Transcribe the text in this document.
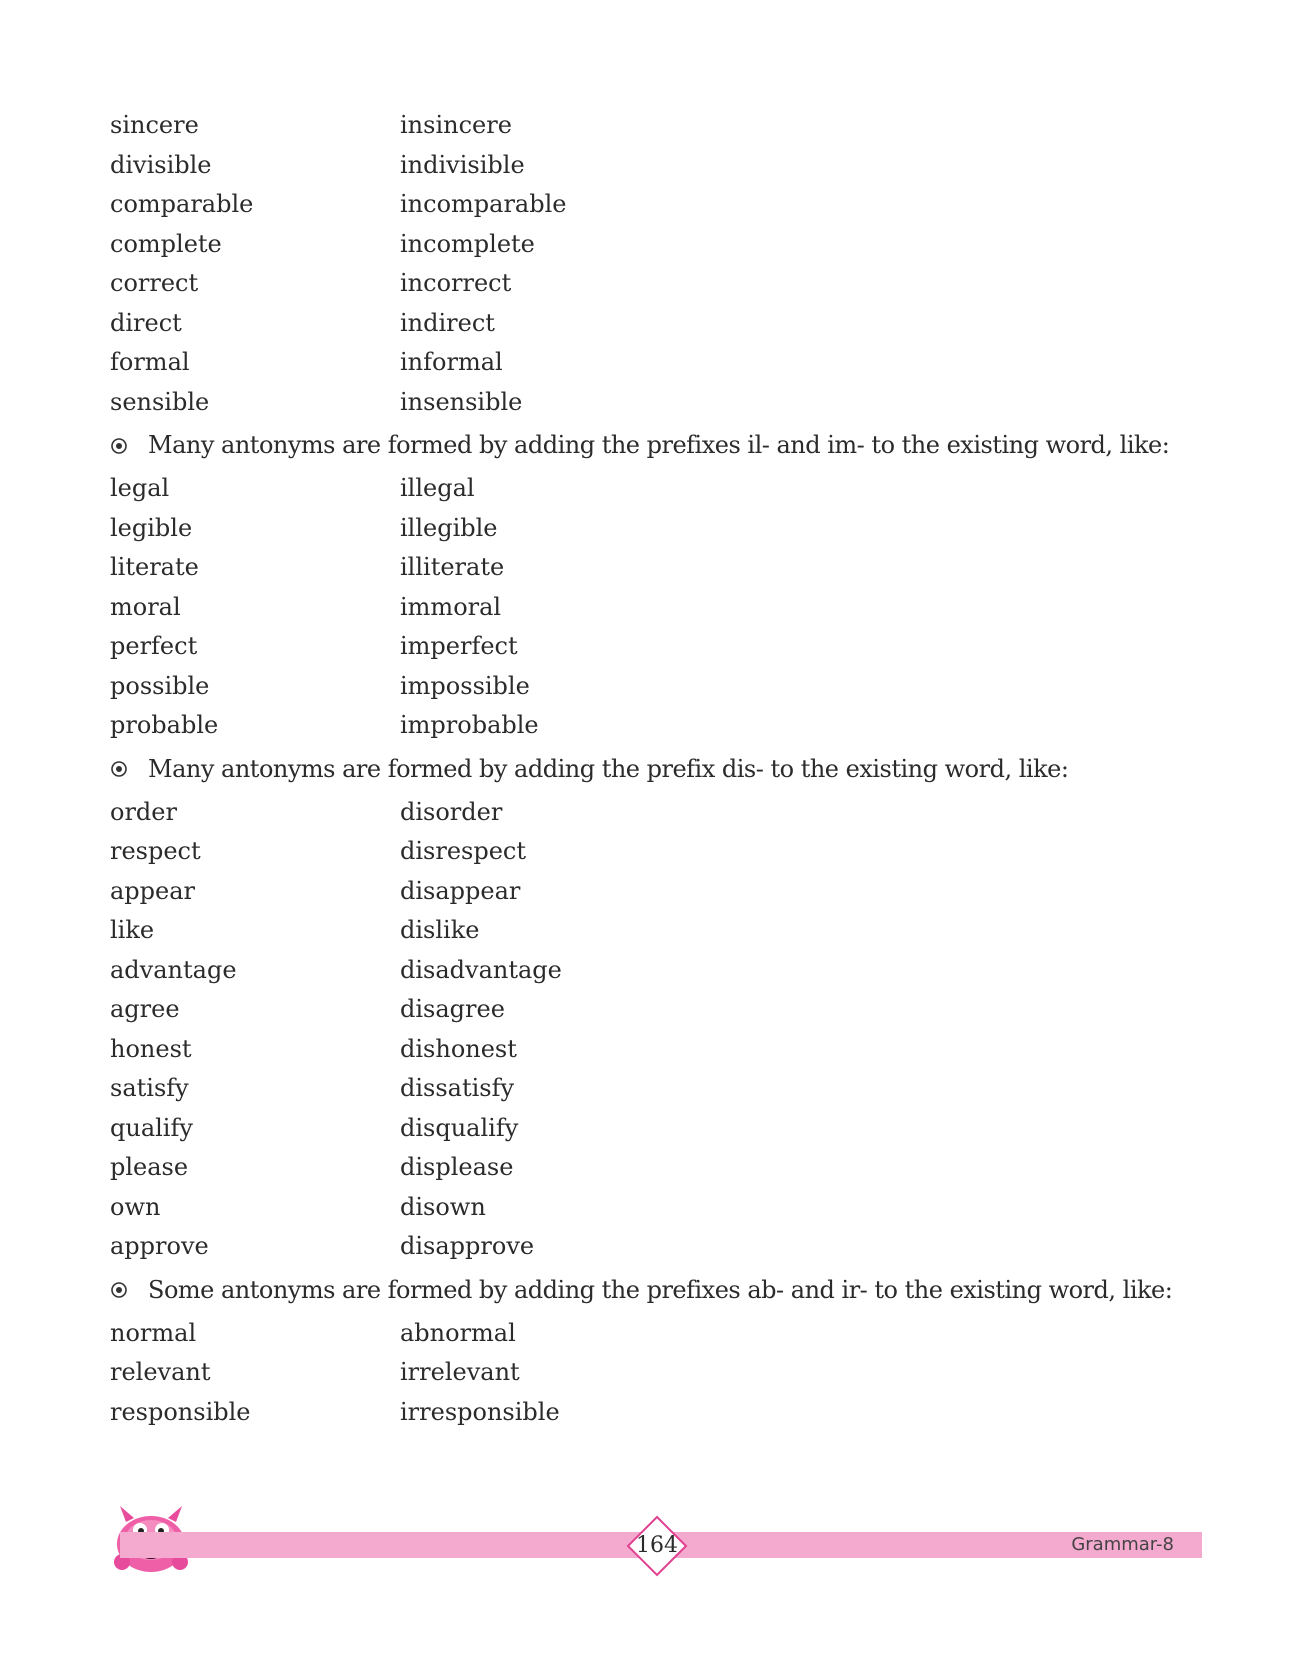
sincere	insincere
divisible	indivisible
comparable	incomparable
complete	incomplete
correct	incorrect
direct	indirect
formal	informal
sensible	insensible
Many antonyms are formed by adding the prefixes il- and im- to the existing word, like:
legal	illegal
legible	illegible
literate	illiterate
moral	immoral
perfect	imperfect
possible	impossible
probable	improbable
Many antonyms are formed by adding the prefix dis- to the existing word, like:
order	disorder
respect	disrespect
appear	disappear
like	dislike
advantage	disadvantage
agree	disagree
honest	dishonest
satisfy	dissatisfy
qualify	disqualify
please	displease
own	disown
approve	disapprove
Some antonyms are formed by adding the prefixes ab- and ir- to the existing word, like:
normal	abnormal
relevant	irrelevant
responsible	irresponsible
Grammar-8
164
